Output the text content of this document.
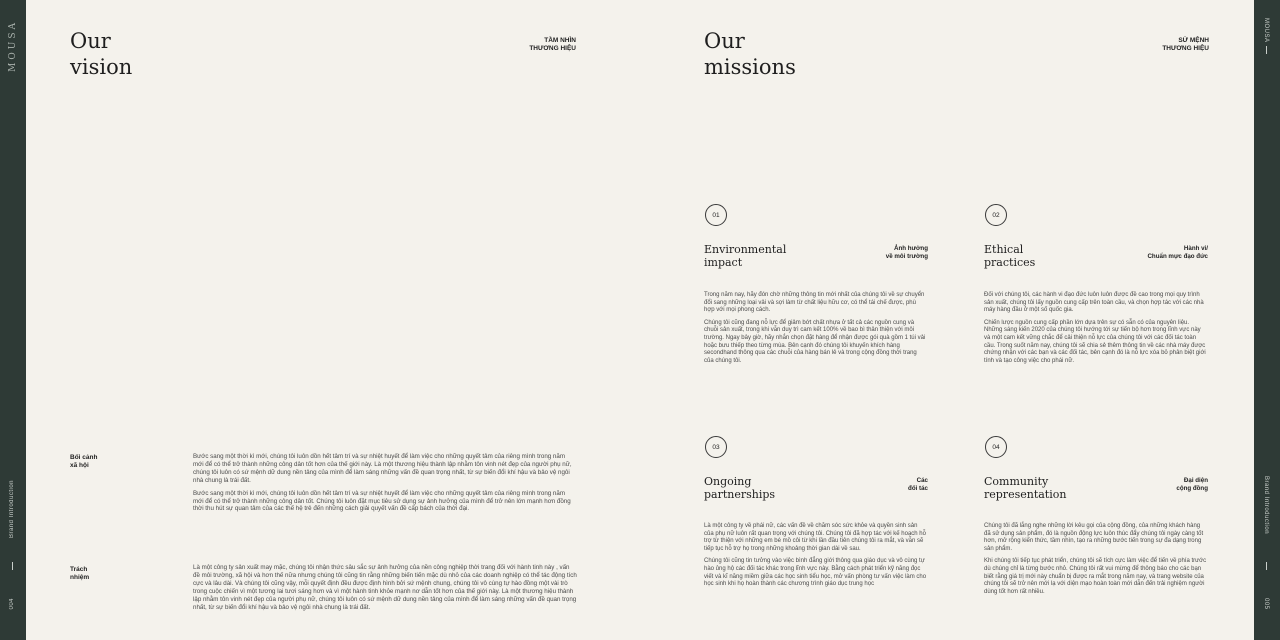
MOUSA
Brand Introduction
004
MOUSA
Brand Introduction
005
Our
vision
TẦM NHÌN
THƯƠNG HIỆU
Bối cảnh
xã hội

Bước sang một thời kì mới, chúng tôi luôn dồn hết tâm trí và sự nhiệt huyết để làm việc cho những quyết tâm của riêng mình trong năm mới để có thể trở thành những công dân tốt hơn của thế giới này. Là một thương hiệu thành lập nhằm tôn vinh nét đẹp của người phụ nữ, chúng tôi luôn có sứ mệnh dữ dung nền tảng của mình để làm sáng những vấn đề quan trọng nhất, từ sự biến đổi khí hậu và bảo vệ ngôi nhà chung là trái đất.

Bước sang một thời kì mới, chúng tôi luôn dồn hết tâm trí và sự nhiệt huyết để làm việc cho những quyết tâm của riêng mình trong năm mới để có thể trở thành những công dân tốt. Chúng tôi luôn đặt mục tiêu sử dụng sự ảnh hưởng của mình để trở nên lớn mạnh hơn đồng thời thu hút sự quan tâm của các thế hệ trẻ đến những cách giải quyết vấn đề cấp bách của thời đại.

Trách
nhiệm

Là một công ty sản xuất may mặc, chúng tôi nhận thức sâu sắc sự ảnh hưởng của nền công nghiệp thời trang đối với hành tinh này , vấn đề môi trường, xã hội và hơn thế nữa nhưng chúng tôi cũng tin rằng những biến tiến mặc dù nhỏ của các doanh nghiệp có thể tác động tích cực và lâu dài. Và chúng tôi cũng vậy, mỗi quyết định đều được định hình bởi sứ mệnh chung, chúng tôi vô cùng tự hào đồng một vài trò trong cuộc chiến vì một tương lai tươi sáng hơn và vì một hành tinh khỏe mạnh nơ dẫn tốt hơn của thế giới này. Là một thương hiệu thành lập nhằm tôn vinh nét đẹp của người phụ nữ, chúng tôi luôn có sứ mệnh dữ dung nền tảng của mình để làm sáng những vấn đề quan trọng nhất, từ sự biến đổi khí hậu và bảo vệ ngôi nhà chung là trái đất.

Our
missions
SỨ MỆNH
THƯƠNG HIỆU
01
Environmental
impact
Ảnh hưởng
về môi trường

Trong năm nay, hãy đón chờ những thông tin mới nhất của chúng tôi về sự chuyển đổi sang những loại vải và sợi làm từ chất liệu hữu cơ, có thể tái chế được, phù hợp với mọi phong cách.

Chúng tôi cũng đang nỗ lực để giảm bớt chất nhựa ở tất cả các nguồn cung và chuỗi sản xuất, trong khi vẫn duy trì cam kết 100% về bao bì thân thiện với môi trường. Ngay bây giờ, hãy nhắn chọn đặt hàng để nhận được gói quà gồm 1 túi vải hoặc bưu thiếp theo từng mùa. Bên cạnh đó chúng tôi khuyến khích hàng secondhand thông qua các chuỗi của hàng bán lẻ và trong cộng đồng thời trang của chúng tôi.

02
Ethical
practices
Hành vi/
Chuẩn mực đạo đức

Đối với chúng tôi, các hành vi đạo đức luôn luôn được đề cao trong mọi quy trình sản xuất, chúng tôi lấy nguồn cung cấp trên toàn cầu, và chọn hợp tác với các nhà máy hàng đầu ở một số quốc gia.

Chiến lược nguồn cung cấp phần lớn dựa trên sự có sẵn có của nguyên liệu. Những sáng kiến 2020 của chúng tôi hướng tới sự tiến bộ hơn trong lĩnh vực này và một cam kết vững chắc để cải thiện nỗ lực của chúng tôi với các đối tác toàn cầu. Trong suốt năm nay, chúng tôi sẽ chia sẻ thêm thông tin về các nhà máy được chứng nhận với các bạn và các đối tác, bên cạnh đó là nỗ lực xóa bỏ phân biệt giới tính và tạo công việc cho phái nữ.

03
Ongoing
partnerships
Các
đối tác

Là một công ty về phái nữ, các vấn đề về chăm sóc sức khỏe và quyền sinh sản của phụ nữ luôn rất quan trọng với chúng tôi. Chúng tôi đã hợp tác với kế hoạch hỗ trợ từ thiện với những em bé mồ côi từ khi lần đầu tiên chúng tôi ra mắt, và vẫn sẽ tiếp tục hỗ trợ họ trong những khoảng thời gian dài về sau.

Chúng tôi cũng tin tưởng vào việc bình đẳng giới thông qua giáo dục và vô cùng tự hào ủng hộ các đối tác khác trong lĩnh vực này. Bằng cách phát triển kỹ năng đọc viết và kĩ năng miềm giữa các học sinh tiểu học, mở vấn phòng tư vấn việc làm cho học sinh khi họ hoàn thành các chương trình giáo dục trung học

04
Community
representation
Đại diện
cộng đồng

Chúng tôi đã lắng nghe những lời kêu gọi của cộng đồng, của những khách hàng đã sử dụng sản phẩm, đó là nguồn động lực luôn thúc đẩy chúng tôi ngày càng tốt hơn, mở rộng kiến thức, tầm nhìn, tạo ra những bước tiến trong sự đa dạng trong sản phẩm.

Khi chúng tôi tiếp tục phát triển, chúng tôi sẽ tích cực làm việc để tiến về phía trước dù chúng chỉ là từng bước nhỏ. Chúng tôi rất vui mừng để thông báo cho các bạn biết rằng giá trị mới này chuẩn bị được ra mắt trong năm nay, và trang website của chúng tôi sẽ trở nên mới lạ với diện mạo hoàn toàn mới dẫn đến trải nghiệm người dùng tốt hơn rất nhiều.
